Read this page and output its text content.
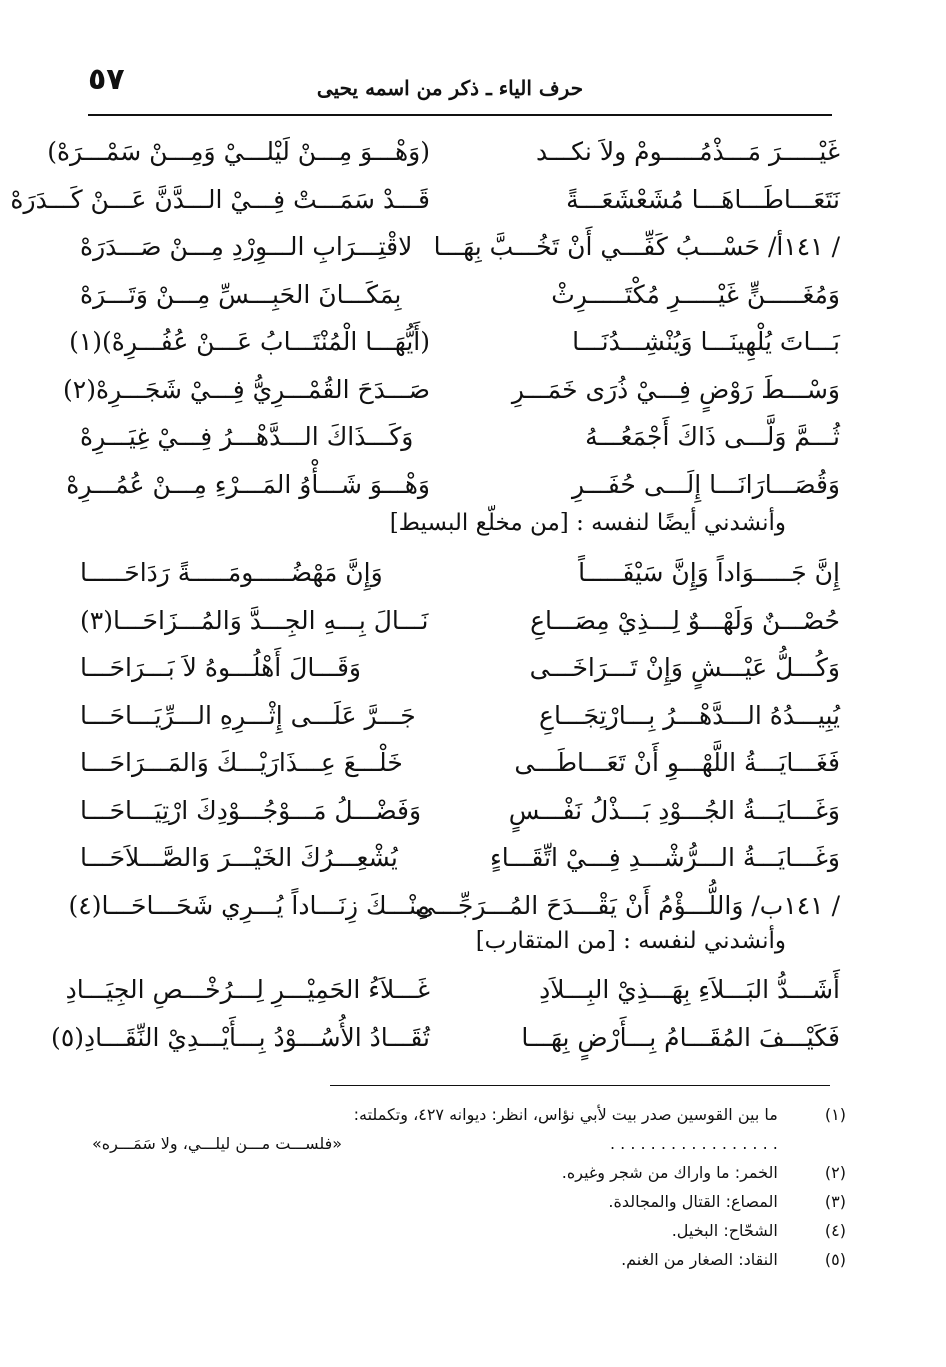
٥٧	حرف الياء ـ ذكر من اسمه يحيى
غَيْـــــرَ مَـــذْمُـــــومْ ولاَ نكـــد
(وَهْـــوَ مِـــنْ لَيْلـــيْ وَمِـــنْ سَمْـــرَهْ)
نَتَعَـــاطَـــاهَـــا مُشَعْشَعَـــةً
قَـــدْ سَمَـــتْ فِـــيْ الـــدَّنَّ عَـــنْ كَـــدَرَهْ
/ ١٤١أ/ حَسْـــبُ كَفِّـــي أَنْ تَخُـــبَّ بِهَـــا
لاقْتِـــرَابِ الـــوِرْدِ مِـــنْ صَـــدَرَهْ
وَمُغَـــــنٍّ غَيْـــــرِ مُكْتَـــــرِثْ
بِمَكَـــانَ الحَبِـــسِّ مِـــنْ وَتَـــرَهْ
بَـــاتَ يُلْهِينَـــا وَيُنْشِـــدُنَـــا
(أَيُّهَـــا الْمُنْتَـــابُ عَـــنْ عُفُـــرِهْ)(١)
وَسْـــطَ رَوْضٍ فِـــيْ ذُرَى خَمَـــرِ
صَـــدَحَ القُمْـــرِيُّ فِـــيْ شَجَـــرِهْ(٢)
ثُـــمَّ وَلَّـــى ذَاكَ أَجْمَعُـــهُ
وَكَـــذَاكَ الـــدَّهْـــرُ فِـــيْ غِيَـــرِهْ
وَقُصَـــارَانَـــا إِلَـــى حُفَـــرِ
وَهْـــوَ شَـــأْوُ المَـــرْءِ مِـــنْ عُمُـــرِهْ
وأنشدني أيضًا لنفسه : [من مخلّع البسيط]
إِنَّ جَـــــوَاداً وَإِنَّ سَيْفَـــــاً
وَإِنَّ مَهْضُـــــومَـــــةً رَدَاحَـــــا
حُصْـــنٌ وَلَهْـــوٌ لِـــذِيْ مِصَـــاعِ
نَـــالَ بِـــهِ الجِـــدَّ وَالمُـــزَاحَـــا(٣)
وَكُـــلُّ عَيْـــشٍ وَإِنْ تَـــرَاخَـــى
وَقَـــالَ أَهْلُـــوهُ لاَ بَـــرَاحَـــا
يُبِيـــدُهُ الـــدَّهْـــرُ بِـــارْتِجَـــاعِ
جَـــرَّ عَلَـــى إِثْـــرِهِ الـــرِّيَـــاحَـــا
فَغَـــايَـــةُ اللَّهْـــوِ أَنْ تَعَـــاطَـــى
خَلْـــعَ عِـــذَارَيْـــكَ وَالمَـــرَاحَـــا
وَغَـــايَـــةُ الجُـــوْدِ بَـــذْلُ نَفْـــسٍ
وَفَضْـــلُ مَـــوْجُـــوْدِكَ ارْتِيَـــاحَـــا
وَغَـــايَـــةُ الـــرُّشْـــدِ فِـــيْ اتِّقَـــاءٍ
يُشْعِـــرُكَ الخَيْـــرَ وَالصَّـــلاَحَـــا
/ ١٤١ب/ وَاللُّـــؤْمُ أَنْ يَقْـــدَحَ المُـــرَجِّـــى
مِنْـــكَ زِنَـــاداً يُـــرِي شَحَـــاحَـــا(٤)
وأنشدني لنفسه : [من المتقارب]
أَشَـــدُّ البَـــلاَءِ بِهَـــذِيْ البِـــلاَدِ
غَـــلاَءُ الحَمِيْـــرِ لِـــرُخْـــصِ الجِيَـــادِ
فَكَيْـــفَ المُقَـــامُ بِـــأَرْضٍ بِهَـــا
تُقَـــادُ الأُسُـــوْدُ بِـــأَيْـــدِيْ النِّقَـــادِ(٥)
(١)  ما بين القوسين صدر بيت لأبي نؤاس، انظر: ديوانه ٤٢٧، وتكملته:
. . . . . . . . . . . . . . . . .
«فلســـت مـــن ليلـــي، ولا سَمَـــره»
(٢)  الخمر: ما واراك من شجر وغيره.
(٣)  المصاع: القتال والمجالدة.
(٤)  الشحّاح: البخيل.
(٥)  النقاد: الصغار من الغنم.
